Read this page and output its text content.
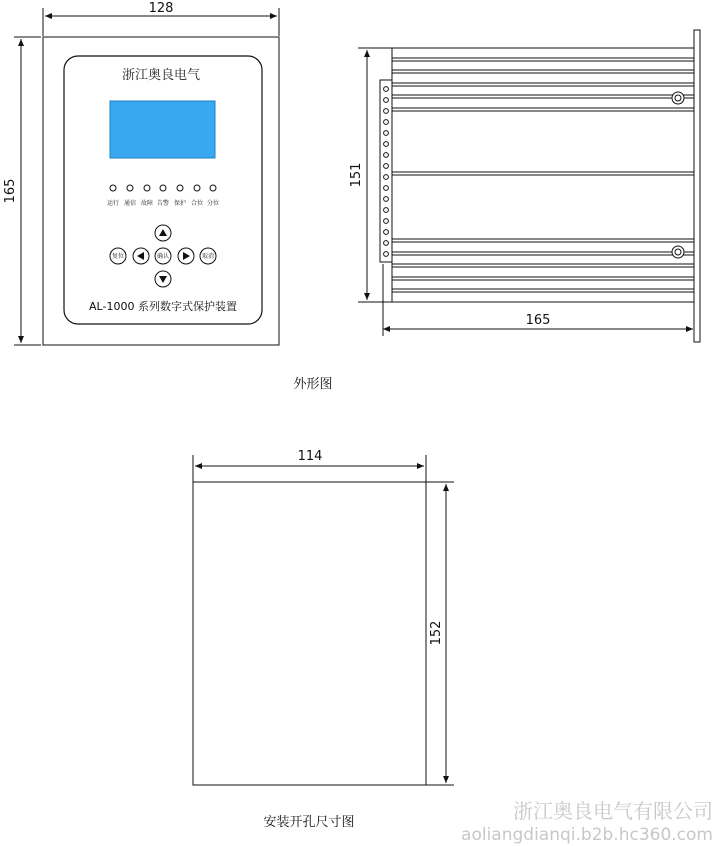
128
165
浙江奥良电气
运行 通信 故障 告警 保护 合位 分位
复位	确认	取消
AL-1000 系列数字式保护装置
151
165
外形图
114
152
安装开孔尺寸图	浙江奥良电气有限公司
aoliangdianqi.b2b.hc360.com
